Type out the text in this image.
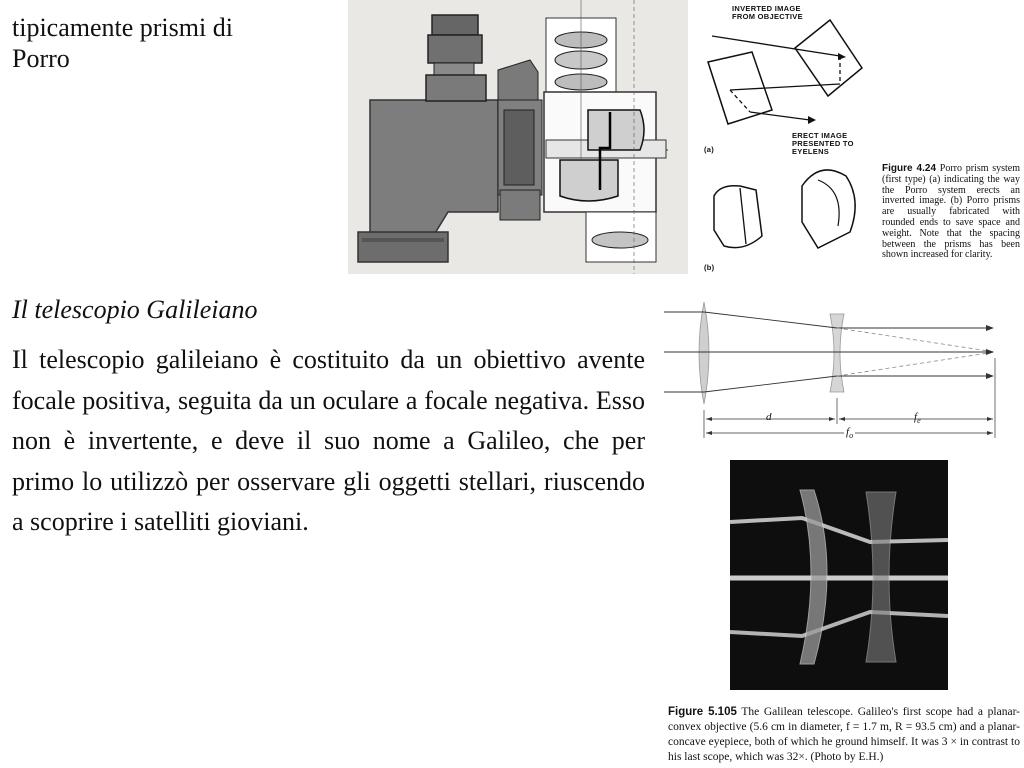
tipicamente prismi di
Porro
INVERTED IMAGE FROM OBJECTIVE
ERECT IMAGE PRESENTED TO EYELENS
(a)
(b)
Figure 4.24 Porro prism system (first type) (a) indicating the way the Porro system erects an inverted image. (b) Porro prisms are usually fabricated with rounded ends to save space and weight. Note that the spacing between the prisms has been shown increased for clarity.
Il telescopio Galileiano
Il telescopio galileiano è costituito da un obiettivo avente focale positiva, seguita da un oculare a focale negativa. Esso non è invertente, e deve il suo nome a Galileo, che per primo lo utilizzò per osservare gli oggetti stellari, riuscendo a scoprire i satelliti gioviani.
d	$f_e$
$f_o$
Figure 5.105 The Galilean telescope. Galileo's first scope had a planar-convex objective (5.6 cm in diameter, f = 1.7 m, R = 93.5 cm) and a planar-concave eyepiece, both of which he ground himself. It was 3 × in contrast to his last scope, which was 32×. (Photo by E.H.)
